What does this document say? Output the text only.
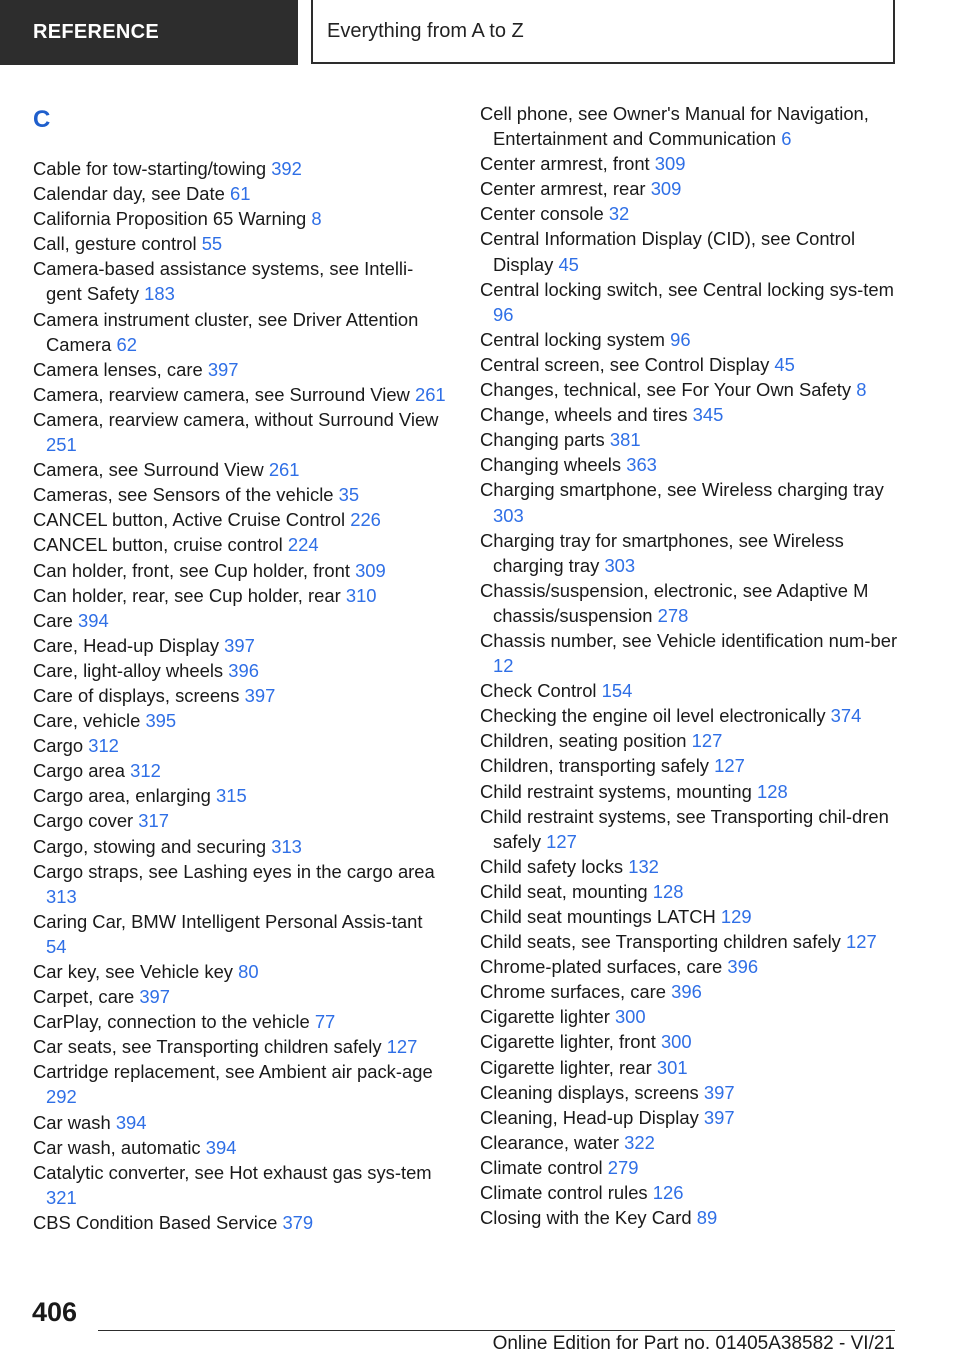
REFERENCE	Everything from A to Z
C
Cable for tow-starting/towing 392
Calendar day, see Date 61
California Proposition 65 Warning 8
Call, gesture control 55
Camera-based assistance systems, see Intelli-gent Safety 183
Camera instrument cluster, see Driver Attention Camera 62
Camera lenses, care 397
Camera, rearview camera, see Surround View 261
Camera, rearview camera, without Surround View 251
Camera, see Surround View 261
Cameras, see Sensors of the vehicle 35
CANCEL button, Active Cruise Control 226
CANCEL button, cruise control 224
Can holder, front, see Cup holder, front 309
Can holder, rear, see Cup holder, rear 310
Care 394
Care, Head-up Display 397
Care, light-alloy wheels 396
Care of displays, screens 397
Care, vehicle 395
Cargo 312
Cargo area 312
Cargo area, enlarging 315
Cargo cover 317
Cargo, stowing and securing 313
Cargo straps, see Lashing eyes in the cargo area 313
Caring Car, BMW Intelligent Personal Assis-tant 54
Car key, see Vehicle key 80
Carpet, care 397
CarPlay, connection to the vehicle 77
Car seats, see Transporting children safely 127
Cartridge replacement, see Ambient air pack-age 292
Car wash 394
Car wash, automatic 394
Catalytic converter, see Hot exhaust gas sys-tem 321
CBS Condition Based Service 379
Cell phone, see Owner's Manual for Navigation, Entertainment and Communication 6
Center armrest, front 309
Center armrest, rear 309
Center console 32
Central Information Display (CID), see Control Display 45
Central locking switch, see Central locking sys-tem 96
Central locking system 96
Central screen, see Control Display 45
Changes, technical, see For Your Own Safety 8
Change, wheels and tires 345
Changing parts 381
Changing wheels 363
Charging smartphone, see Wireless charging tray 303
Charging tray for smartphones, see Wireless charging tray 303
Chassis/suspension, electronic, see Adaptive M chassis/suspension 278
Chassis number, see Vehicle identification num-ber 12
Check Control 154
Checking the engine oil level electronically 374
Children, seating position 127
Children, transporting safely 127
Child restraint systems, mounting 128
Child restraint systems, see Transporting chil-dren safely 127
Child safety locks 132
Child seat, mounting 128
Child seat mountings LATCH 129
Child seats, see Transporting children safely 127
Chrome-plated surfaces, care 396
Chrome surfaces, care 396
Cigarette lighter 300
Cigarette lighter, front 300
Cigarette lighter, rear 301
Cleaning displays, screens 397
Cleaning, Head-up Display 397
Clearance, water 322
Climate control 279
Climate control rules 126
Closing with the Key Card 89
406
Online Edition for Part no. 01405A38582 - VI/21
